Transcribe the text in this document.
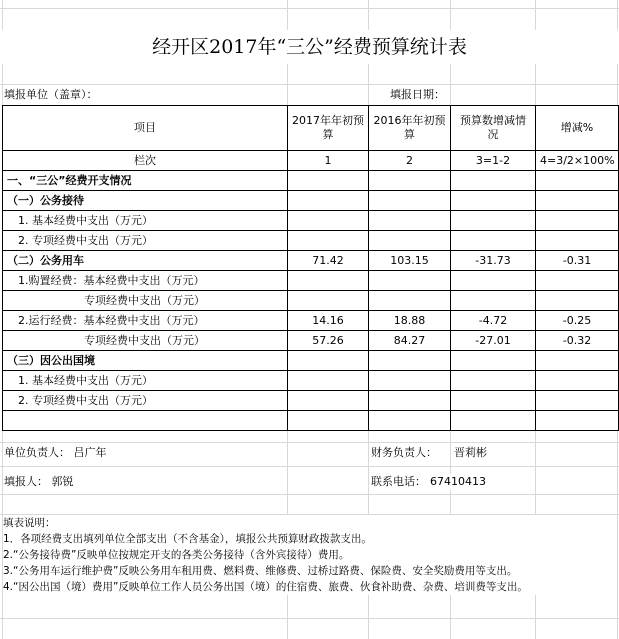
经开区2017年“三公”经费预算统计表
填报单位（盖章）：	填报日期：
项目	2017年年初预算	2016年年初预算	预算数增减情况	增减%
栏次	1	2	3=1-2	4=3/2×100%
一、“三公”经费开支情况				
（一）公务接待				
　1. 基本经费中支出（万元）				
　2. 专项经费中支出（万元）				
（二）公务用车	71.42	103.15	-31.73	-0.31
　1.购置经费：基本经费中支出（万元）				
　　　　　　　专项经费中支出（万元）				
　2.运行经费：基本经费中支出（万元）	14.16	18.88	-4.72	-0.25
　　　　　　　专项经费中支出（万元）	57.26	84.27	-27.01	-0.32
（三）因公出国境				
　1. 基本经费中支出（万元）				
　2. 专项经费中支出（万元）				

单位负责人： 吕广年	财务负责人： 晋莉彬
填报人： 郭锐	联系电话： 67410413
填表说明：
1．各项经费支出填列单位全部支出（不含基金），填报公共预算财政拨款支出。
2.“公务接待费”反映单位按规定开支的各类公务接待（含外宾接待）费用。
3.“公务用车运行维护费”反映公务用车租用费、燃料费、维修费、过桥过路费、保险费、安全奖励费用等支出。
4.“因公出国（境）费用”反映单位工作人员公务出国（境）的住宿费、旅费、伙食补助费、杂费、培训费等支出。
